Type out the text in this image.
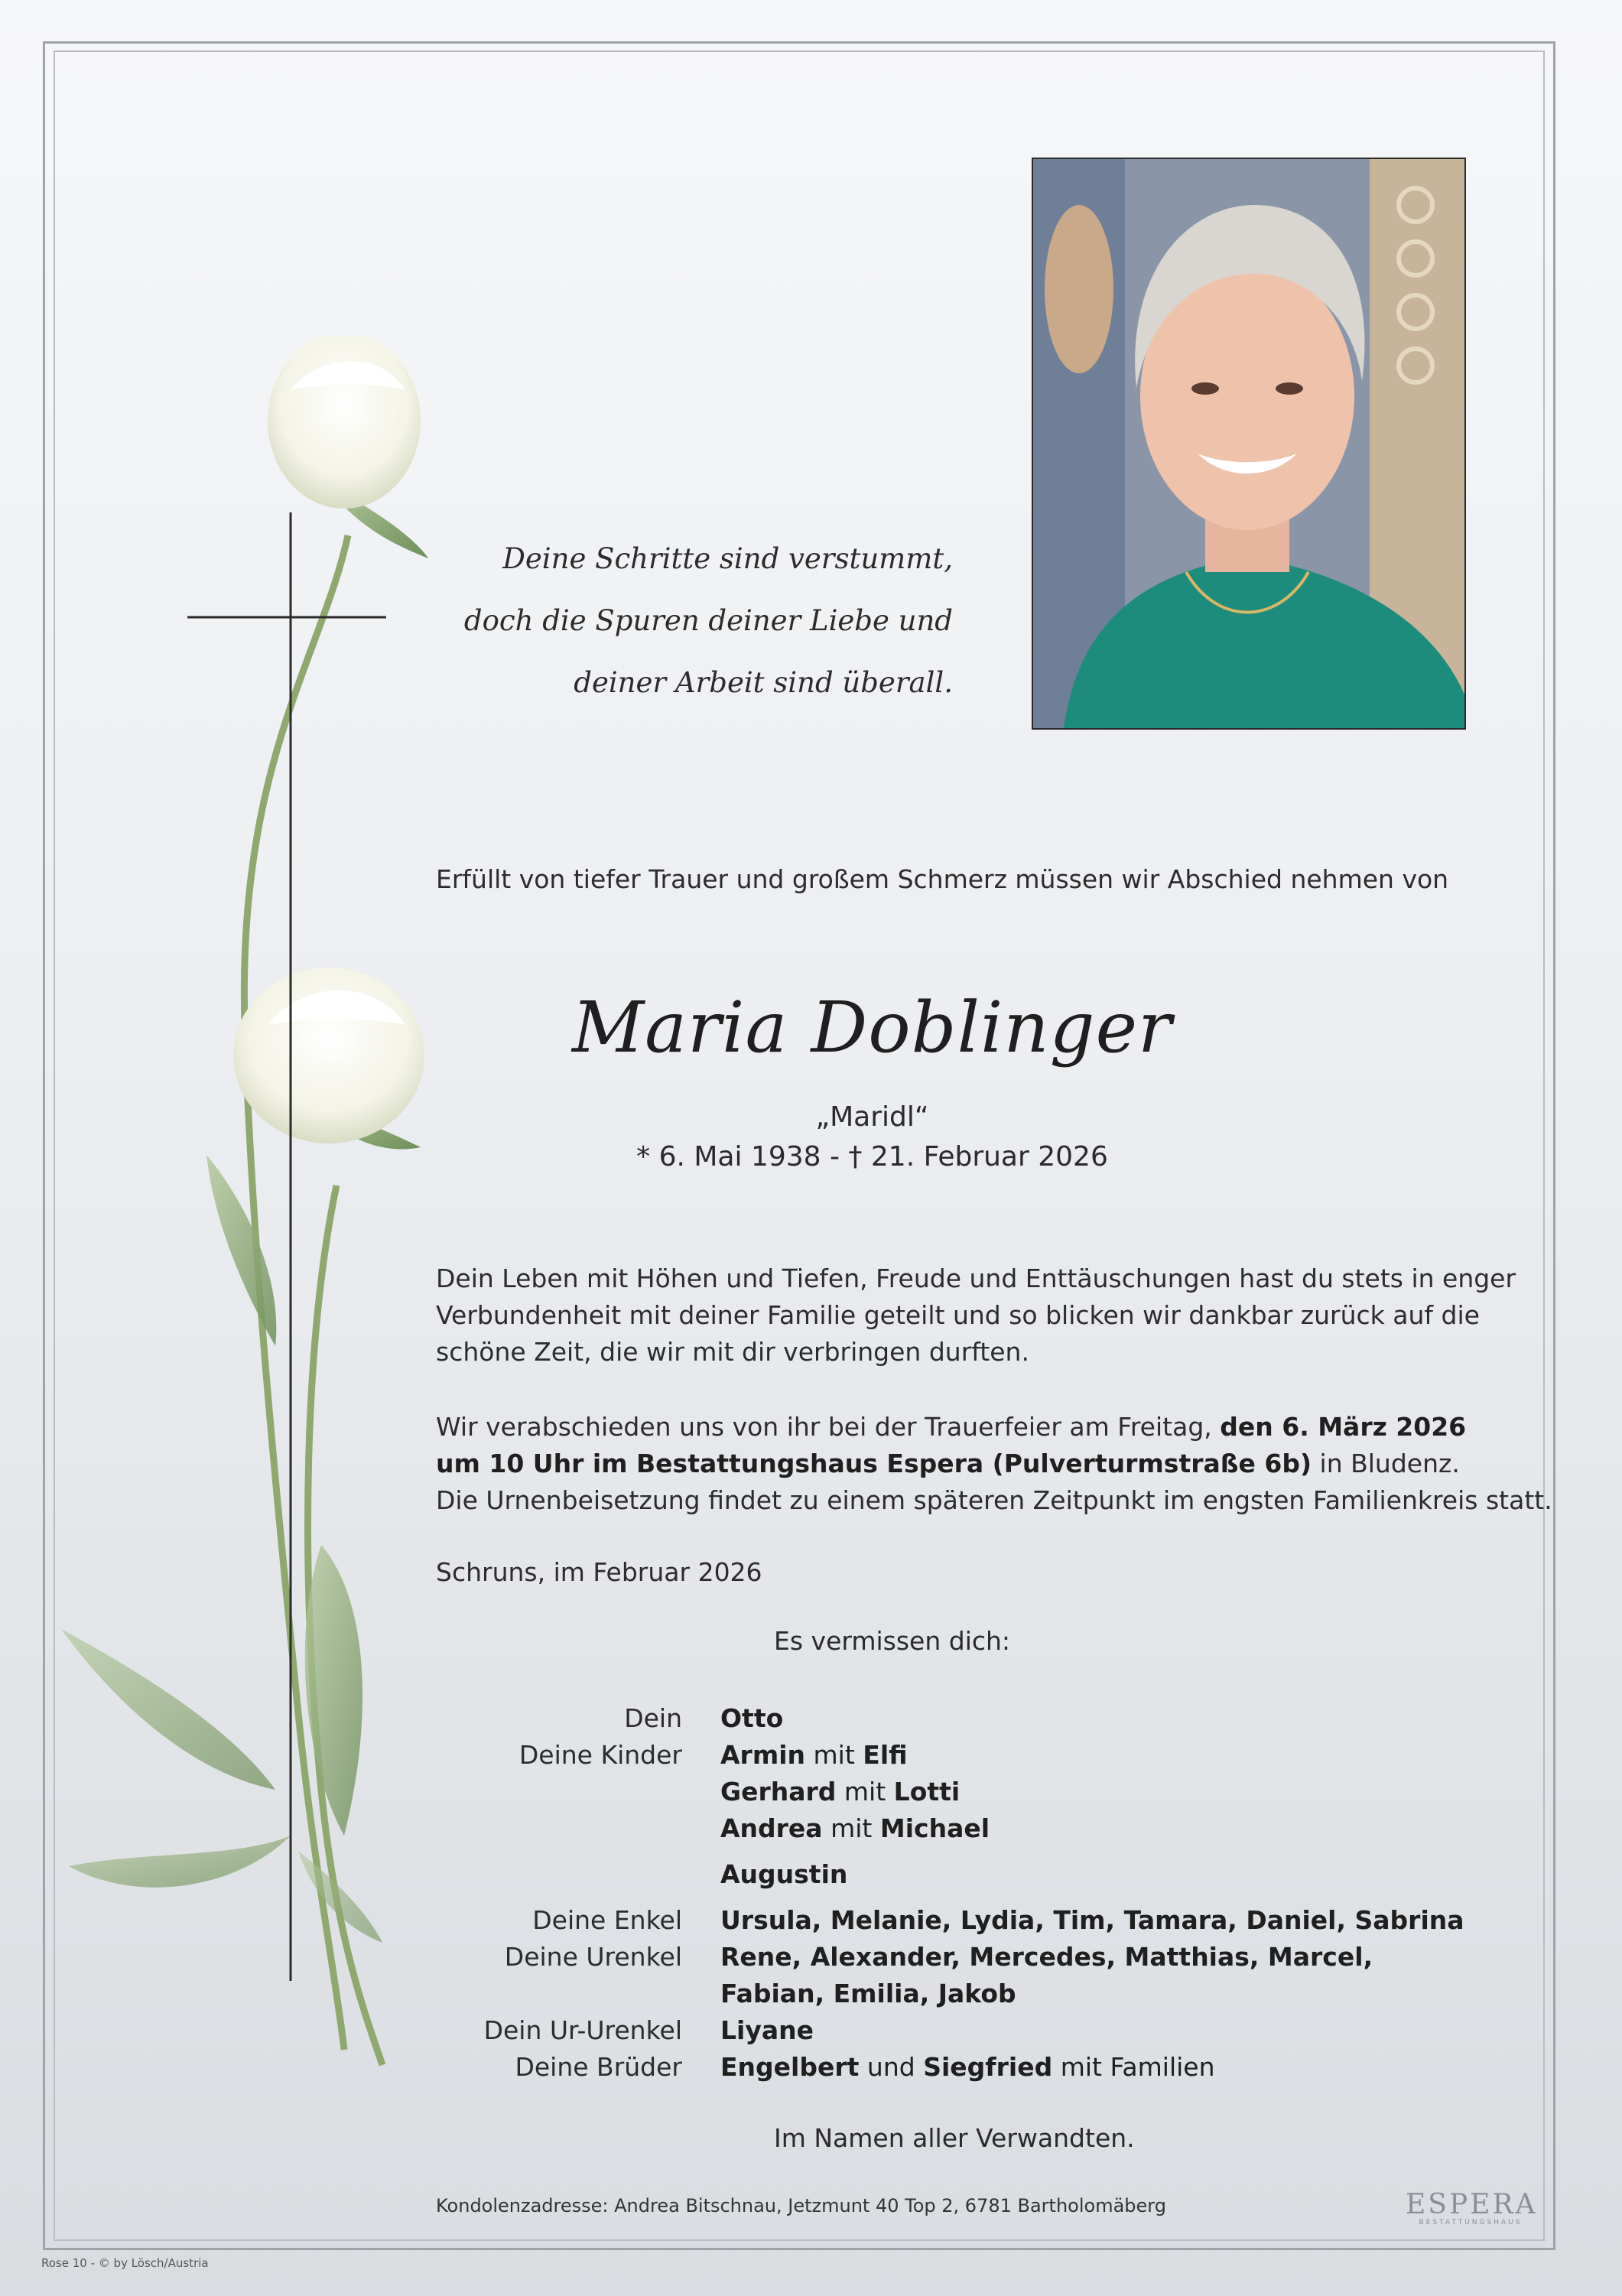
Deine Schritte sind verstummt,
doch die Spuren deiner Liebe und
deiner Arbeit sind überall.
Erfüllt von tiefer Trauer und großem Schmerz müssen wir Abschied nehmen von
Maria Doblinger
„Maridl“
* 6. Mai 1938 - † 21. Februar 2026
Dein Leben mit Höhen und Tiefen, Freude und Enttäuschungen hast du stets in enger Verbundenheit mit deiner Familie geteilt und so blicken wir dankbar zurück auf die schöne Zeit, die wir mit dir verbringen durften.
Wir verabschieden uns von ihr bei der Trauerfeier am Freitag, den 6. März 2026
um 10 Uhr im Bestattungshaus Espera (Pulverturmstraße 6b) in Bludenz.
Die Urnenbeisetzung findet zu einem späteren Zeitpunkt im engsten Familienkreis statt.
Schruns, im Februar 2026
Es vermissen dich:
Dein	Otto
Deine Kinder	Armin mit Elfi
Gerhard mit Lotti
Andrea mit Michael
Augustin
Deine Enkel	Ursula, Melanie, Lydia, Tim, Tamara, Daniel, Sabrina
Deine Urenkel	Rene, Alexander, Mercedes, Matthias, Marcel,
Fabian, Emilia, Jakob
Dein Ur-Urenkel	Liyane
Deine Brüder	Engelbert und Siegfried mit Familien
Im Namen aller Verwandten.
Kondolenzadresse: Andrea Bitschnau, Jetzmunt 40 Top 2, 6781 Bartholomäberg	ESPERA
BESTATTUNGSHAUS
Rose 10 - © by Lösch/Austria
